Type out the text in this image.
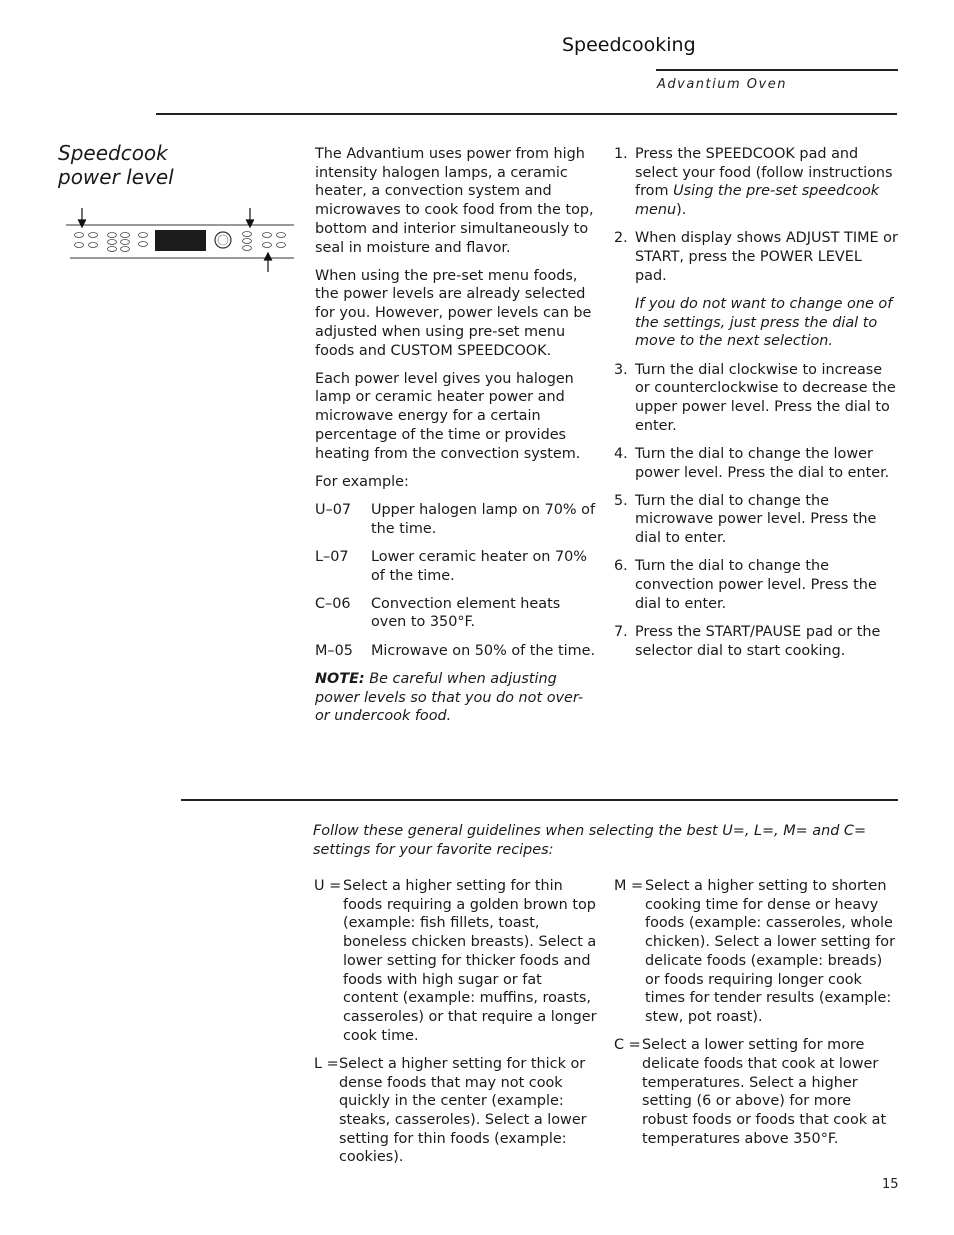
Speedcooking
Advantium Oven
Speedcook
power level

The Advantium uses power from high intensity halogen lamps, a ceramic heater, a convection system and microwaves to cook food from the top, bottom and interior simultaneously to seal in moisture and flavor.

When using the pre-set menu foods, the power levels are already selected for you. However, power levels can be adjusted when using pre-set menu foods and CUSTOM SPEEDCOOK.

Each power level gives you halogen lamp or ceramic heater power and microwave energy for a certain percentage of the time or provides heating from the convection system.

For example:

U–07 Upper halogen lamp on 70% of the time.
L–07 Lower ceramic heater on 70% of the time.
C–06 Convection element heats oven to 350°F.
M–05 Microwave on 50% of the time.

NOTE: Be careful when adjusting power levels so that you do not over- or undercook food.

1. Press the SPEEDCOOK pad and select your food (follow instructions from Using the pre-set speedcook menu).
2. When display shows ADJUST TIME or START, press the POWER LEVEL pad.
If you do not want to change one of the settings, just press the dial to move to the next selection.
3. Turn the dial clockwise to increase or counterclockwise to decrease the upper power level. Press the dial to enter.
4. Turn the dial to change the lower power level. Press the dial to enter.
5. Turn the dial to change the microwave power level. Press the dial to enter.
6. Turn the dial to change the convection power level. Press the dial to enter.
7. Press the START/PAUSE pad or the selector dial to start cooking.
Follow these general guidelines when selecting the best U=, L=, M= and C= settings for your favorite recipes:
U = Select a higher setting for thin foods requiring a golden brown top (example: fish fillets, toast, boneless chicken breasts). Select a lower setting for thicker foods and foods with high sugar or fat content (example: muffins, roasts, casseroles) or that require a longer cook time.
L = Select a higher setting for thick or dense foods that may not cook quickly in the center (example: steaks, casseroles). Select a lower setting for thin foods (example: cookies).
M = Select a higher setting to shorten cooking time for dense or heavy foods (example: casseroles, whole chicken). Select a lower setting for delicate foods (example: breads) or foods requiring longer cook times for tender results (example: stew, pot roast).
C = Select a lower setting for more delicate foods that cook at lower temperatures. Select a higher setting (6 or above) for more robust foods or foods that cook at temperatures above 350°F.
15
